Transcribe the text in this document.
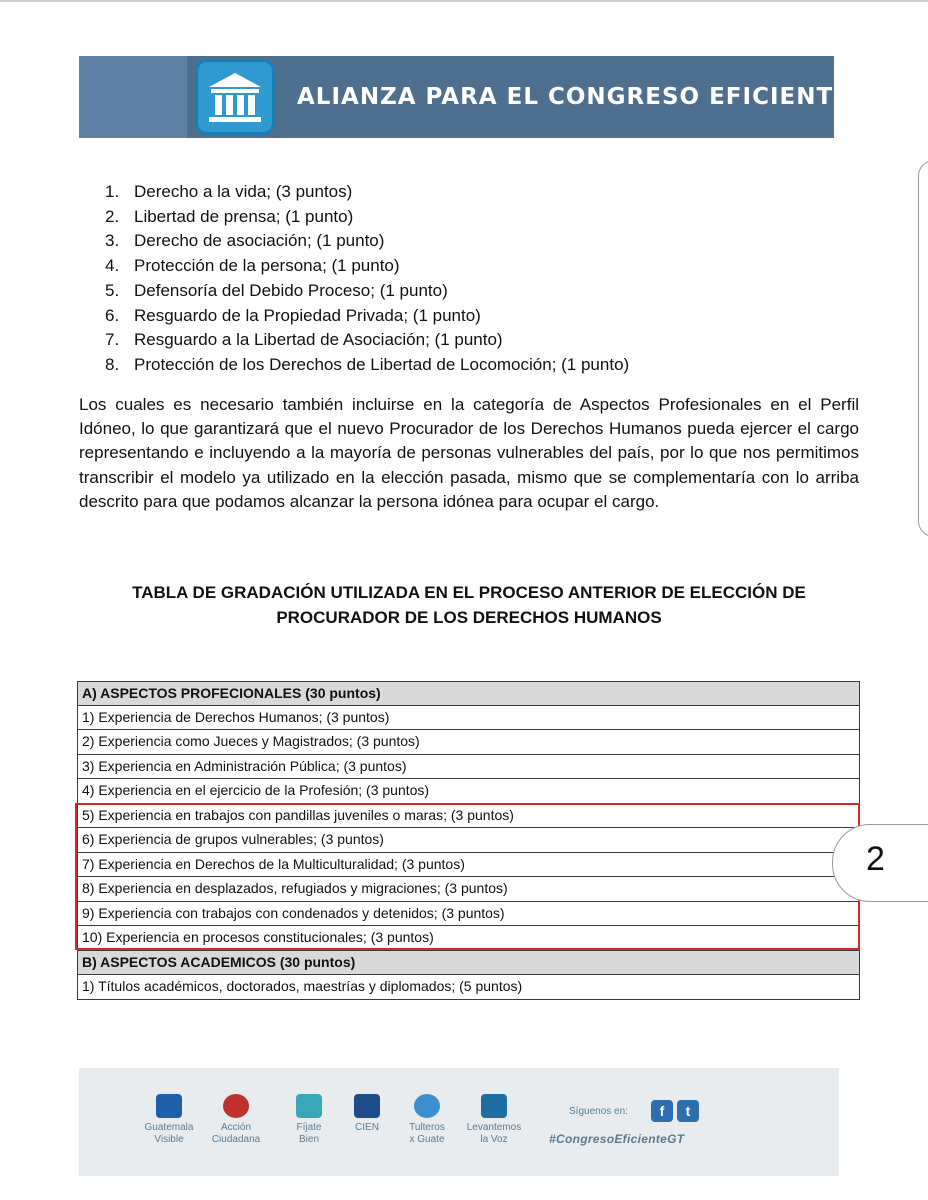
ALIANZA PARA EL CONGRESO EFICIENTE
1. Derecho a la vida; (3 puntos)
2. Libertad de prensa; (1 punto)
3. Derecho de asociación; (1 punto)
4. Protección de la persona; (1 punto)
5. Defensoría del Debido Proceso; (1 punto)
6. Resguardo de la Propiedad Privada; (1 punto)
7. Resguardo a la Libertad de Asociación; (1 punto)
8. Protección de los Derechos de Libertad de Locomoción; (1 punto)

Los cuales es necesario también incluirse en la categoría de Aspectos Profesionales en el Perfil Idóneo, lo que garantizará que el nuevo Procurador de los Derechos Humanos pueda ejercer el cargo representando e incluyendo a la mayoría de personas vulnerables del país, por lo que nos permitimos transcribir el modelo ya utilizado en la elección pasada, mismo que se complementaría con lo arriba descrito para que podamos alcanzar la persona idónea para ocupar el cargo.

TABLA DE GRADACIÓN UTILIZADA EN EL PROCESO ANTERIOR DE ELECCIÓN DE PROCURADOR DE LOS DERECHOS HUMANOS

A) ASPECTOS PROFECIONALES (30 puntos)
1) Experiencia de Derechos Humanos; (3 puntos)
2) Experiencia como Jueces y Magistrados; (3 puntos)
3) Experiencia en Administración Pública; (3 puntos)
4) Experiencia en el ejercicio de la Profesión; (3 puntos)
5) Experiencia en trabajos con pandillas juveniles o maras; (3 puntos)
6) Experiencia de grupos vulnerables; (3 puntos)
7) Experiencia en Derechos de la Multiculturalidad; (3 puntos)
8) Experiencia en desplazados, refugiados y migraciones; (3 puntos)
9) Experiencia con trabajos con condenados y detenidos; (3 puntos)
10) Experiencia en procesos constitucionales; (3 puntos)
B) ASPECTOS ACADEMICOS (30 puntos)
1) Títulos académicos, doctorados, maestrías y diplomados; (5 puntos)
2
Guatemala
Visible
Acción
Ciudadana
Fíjate
Bien
CIEN	Tulteros
x Guate
Levantemos
la Voz
Síguenos en:	f	t
#CongresoEficienteGT
